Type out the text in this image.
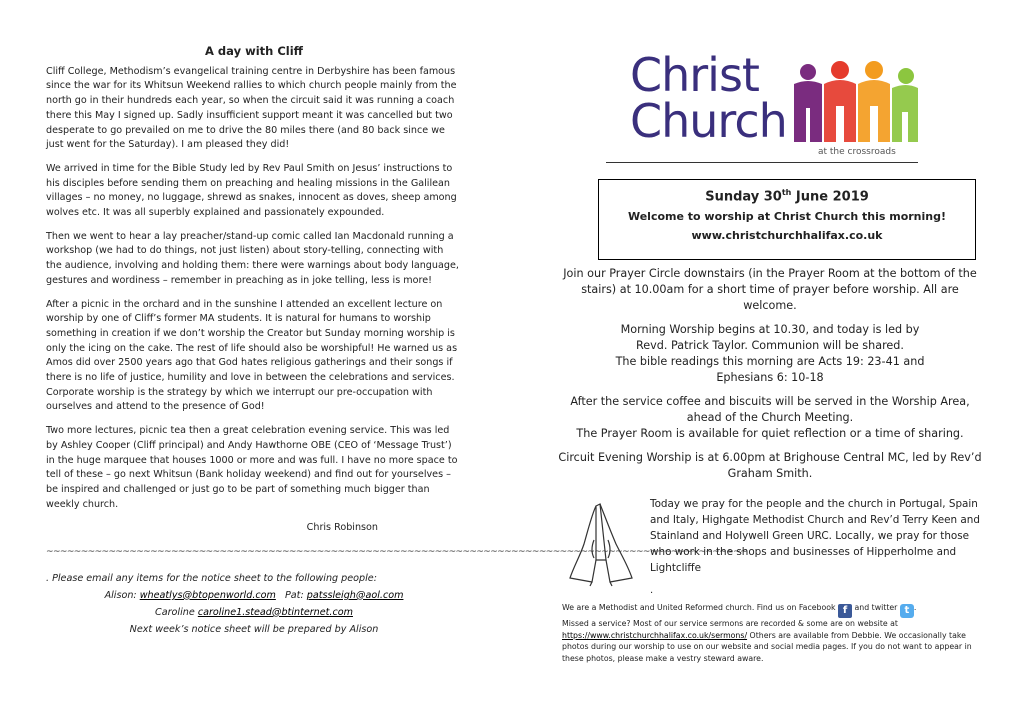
A day with Cliff

Cliff College, Methodism’s evangelical training centre in Derbyshire has been famous since the war for its Whitsun Weekend rallies to which church people mainly from the north go in their hundreds each year, so when the circuit said it was running a coach there this May I signed up. Sadly insufficient support meant it was cancelled but two desperate to go prevailed on me to drive the 80 miles there (and 80 back since we just went for the Saturday). I am pleased they did!

We arrived in time for the Bible Study led by Rev Paul Smith on Jesus’ instructions to his disciples before sending them on preaching and healing missions in the Galilean villages – no money, no luggage, shrewd as snakes, innocent as doves, sheep among wolves etc. It was all superbly explained and passionately expounded.

Then we went to hear a lay preacher/stand-up comic called Ian Macdonald running a workshop (we had to do things, not just listen) about story-telling, connecting with the audience, involving and holding them: there were warnings about body language, gestures and wordiness – remember in preaching as in joke telling, less is more!

After a picnic in the orchard and in the sunshine I attended an excellent lecture on worship by one of Cliff’s former MA students. It is natural for humans to worship something in creation if we don’t worship the Creator but Sunday morning worship is only the icing on the cake. The rest of life should also be worshipful! He warned us as Amos did over 2500 years ago that God hates religious gatherings and their songs if there is no life of justice, humility and love in between the celebrations and services. Corporate worship is the strategy by which we interrupt our pre-occupation with ourselves and attend to the presence of God!

Two more lectures, picnic tea then a great celebration evening service. This was led by Ashley Cooper (Cliff principal) and Andy Hawthorne OBE (CEO of ‘Message Trust’) in the huge marquee that houses 1000 or more and was full. I have no more space to tell of these – go next Whitsun (Bank holiday weekend) and find out for yourselves – be inspired and challenged or just go to be part of something much bigger than weekly church.

Chris Robinson

~~~~~~~~~~~~~~~~~~~~~~~~~~~~~~~~~~~~~~~~~~~~~~~~~~~~~~~~~~~~~~~~~~~~~~~~~~~~~~~~~~~~~~~~~~~~~~~~~~~~~
. Please email any items for the notice sheet to the following people:
Alison: wheatlys@btopenworld.com Pat: patssleigh@aol.com
Caroline caroline1.stead@btinternet.com
Next week’s notice sheet will be prepared by Alison
Christ
Church
at the crossroads
Sunday 30th June 2019
Welcome to worship at Christ Church this morning!
www.christchurchhalifax.co.uk

Join our Prayer Circle downstairs (in the Prayer Room at the bottom of the stairs) at 10.00am for a short time of prayer before worship. All are welcome.

Morning Worship begins at 10.30, and today is led by
Revd. Patrick Taylor. Communion will be shared.
The bible readings this morning are Acts 19: 23-41 and
Ephesians 6: 10-18

After the service coffee and biscuits will be served in the Worship Area, ahead of the Church Meeting.
The Prayer Room is available for quiet reflection or a time of sharing.

Circuit Evening Worship is at 6.00pm at Brighouse Central MC, led by Rev’d Graham Smith.

Today we pray for the people and the church in Portugal, Spain and Italy, Highgate Methodist Church and Rev’d Terry Keen and Stainland and Holywell Green URC. Locally, we pray for those who work in the shops and businesses of Hipperholme and Lightcliffe
.
We are a Methodist and United Reformed church. Find us on Facebook f and twitter t .
Missed a service? Most of our service sermons are recorded & some are on website at
https://www.christchurchhalifax.co.uk/sermons/ Others are available from Debbie. We occasionally take photos during our worship to use on our website and social media pages. If you do not want to appear in these photos, please make a vestry steward aware.
